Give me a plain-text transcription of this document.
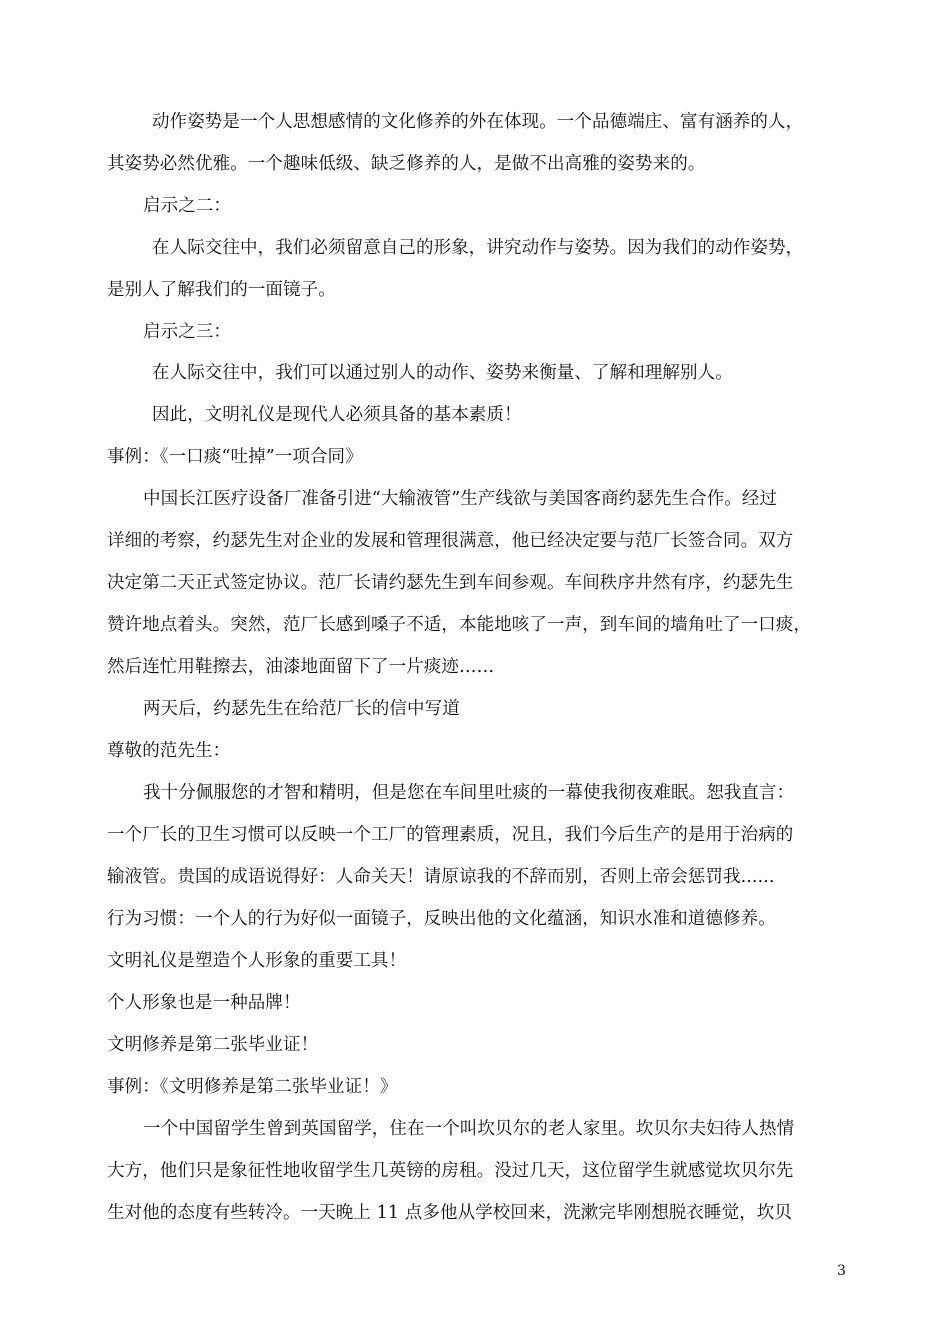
动作姿势是一个人思想感情的文化修养的外在体现。一个品德端庄、富有涵养的人，
其姿势必然优雅。一个趣味低级、缺乏修养的人，是做不出高雅的姿势来的。
启示之二：
在人际交往中，我们必须留意自己的形象，讲究动作与姿势。因为我们的动作姿势，
是别人了解我们的一面镜子。
启示之三：
在人际交往中，我们可以通过别人的动作、姿势来衡量、了解和理解别人。
因此，文明礼仪是现代人必须具备的基本素质！
事例：《一口痰“吐掉”一项合同》
中国长江医疗设备厂准备引进“大输液管”生产线欲与美国客商约瑟先生合作。经过
详细的考察，约瑟先生对企业的发展和管理很满意，他已经决定要与范厂长签合同。双方
决定第二天正式签定协议。范厂长请约瑟先生到车间参观。车间秩序井然有序，约瑟先生
赞许地点着头。突然，范厂长感到嗓子不适，本能地咳了一声，到车间的墙角吐了一口痰，
然后连忙用鞋擦去，油漆地面留下了一片痰迹……
两天后，约瑟先生在给范厂长的信中写道
尊敬的范先生：
我十分佩服您的才智和精明，但是您在车间里吐痰的一幕使我彻夜难眠。恕我直言：
一个厂长的卫生习惯可以反映一个工厂的管理素质，况且，我们今后生产的是用于治病的
输液管。贵国的成语说得好：人命关天！请原谅我的不辞而别，否则上帝会惩罚我......
行为习惯：一个人的行为好似一面镜子，反映出他的文化蕴涵，知识水准和道德修养。
文明礼仪是塑造个人形象的重要工具！
个人形象也是一种品牌！
文明修养是第二张毕业证！
事例：《文明修养是第二张毕业证！》
一个中国留学生曾到英国留学，住在一个叫坎贝尔的老人家里。坎贝尔夫妇待人热情
大方，他们只是象征性地收留学生几英镑的房租。没过几天，这位留学生就感觉坎贝尔先
生对他的态度有些转冷。一天晚上 11 点多他从学校回来，洗漱完毕刚想脱衣睡觉，坎贝
3
